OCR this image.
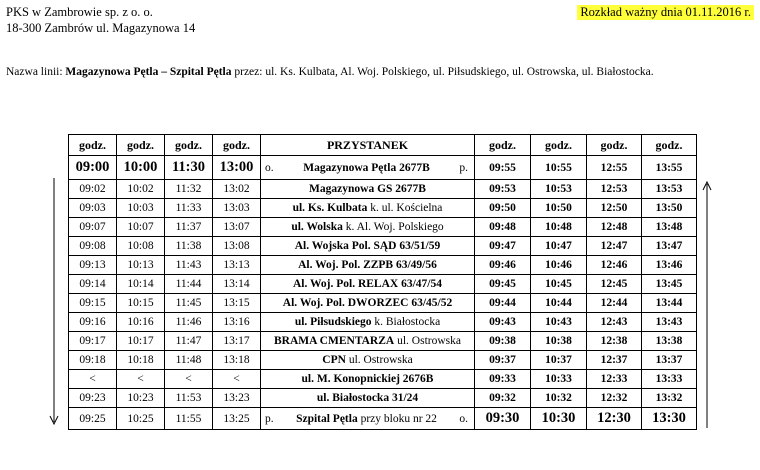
PKS w Zambrowie sp. z o. o.
18-300 Zambrów ul. Magazynowa 14
Rozkład ważny dnia 01.11.2016 r.
Nazwa linii: Magazynowa Pętla – Szpital Pętla przez: ul. Ks. Kulbata, Al. Woj. Polskiego, ul. Piłsudskiego, ul. Ostrowska, ul. Białostocka.
godz.	godz.	godz.	godz.	PRZYSTANEK	godz.	godz.	godz.	godz.
09:00	10:00	11:30	13:00	o. Magazynowa Pętla 2677B p.	09:55	10:55	12:55	13:55
09:02	10:02	11:32	13:02	Magazynowa GS 2677B	09:53	10:53	12:53	13:53
09:03	10:03	11:33	13:03	ul. Ks. Kulbata k. ul. Kościelna	09:50	10:50	12:50	13:50
09:07	10:07	11:37	13:07	ul. Wolska k. Al. Woj. Polskiego	09:48	10:48	12:48	13:48
09:08	10:08	11:38	13:08	Al. Wojska Pol. SĄD 63/51/59	09:47	10:47	12:47	13:47
09:13	10:13	11:43	13:13	Al. Woj. Pol. ZZPB 63/49/56	09:46	10:46	12:46	13:46
09:14	10:14	11:44	13:14	Al. Woj. Pol. RELAX 63/47/54	09:45	10:45	12:45	13:45
09:15	10:15	11:45	13:15	Al. Woj. Pol. DWORZEC 63/45/52	09:44	10:44	12:44	13:44
09:16	10:16	11:46	13:16	ul. Piłsudskiego k. Białostocka	09:43	10:43	12:43	13:43
09:17	10:17	11:47	13:17	BRAMA CMENTARZA ul. Ostrowska	09:38	10:38	12:38	13:38
09:18	10:18	11:48	13:18	CPN ul. Ostrowska	09:37	10:37	12:37	13:37
<	<	<	<	ul. M. Konopnickiej 2676B	09:33	10:33	12:33	13:33
09:23	10:23	11:53	13:23	ul. Białostocka 31/24	09:32	10:32	12:32	13:32
09:25	10:25	11:55	13:25	p. Szpital Pętla przy bloku nr 22 o.	09:30	10:30	12:30	13:30
